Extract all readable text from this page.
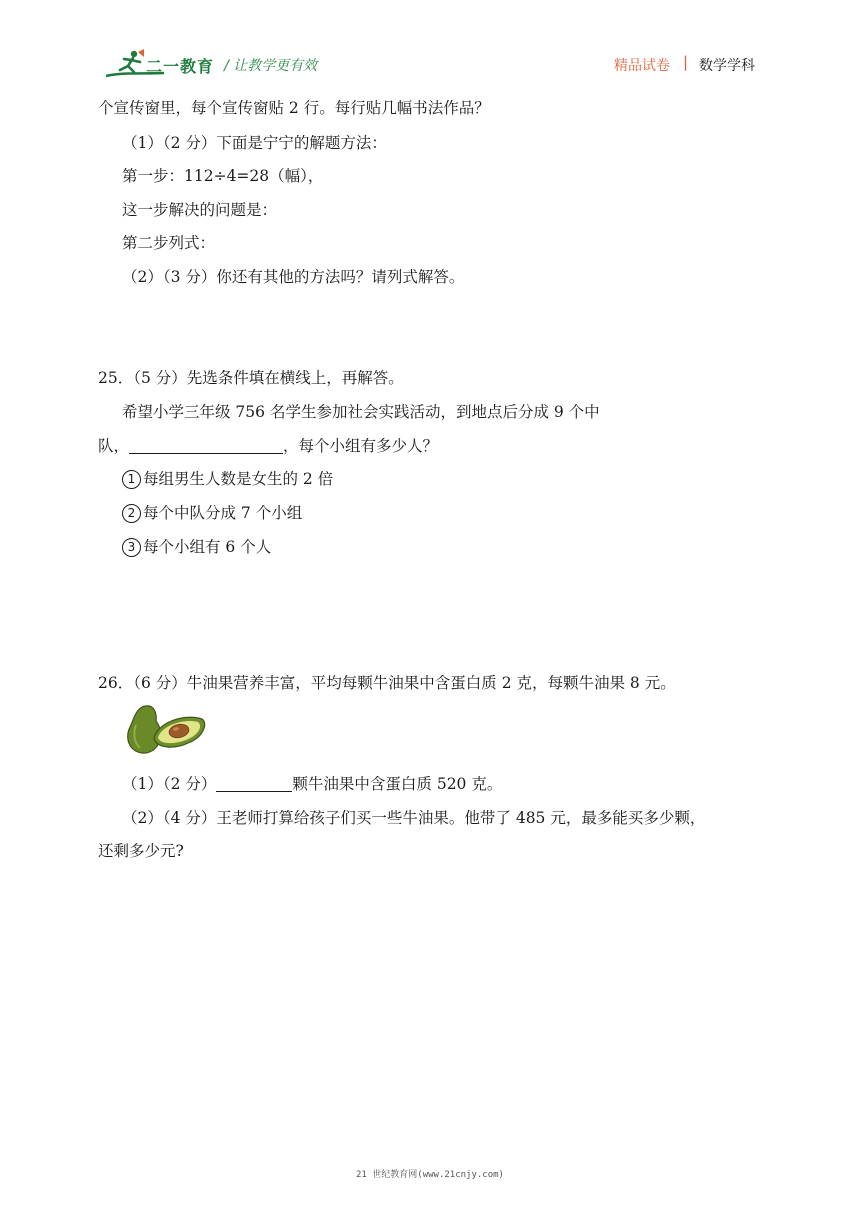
二一教育 / 让教学更有效	精品试卷 | 数学学科
个宣传窗里，每个宣传窗贴 2 行。每行贴几幅书法作品？
（1）（2 分）下面是宁宁的解题方法：
第一步：112÷4=28（幅），
这一步解决的问题是：
第二步列式：
（2）（3 分）你还有其他的方法吗？请列式解答。
25．（5 分）先选条件填在横线上，再解答。
希望小学三年级 756 名学生参加社会实践活动，到地点后分成 9 个中
队，	，每个小组有多少人？
1 每组男生人数是女生的 2 倍
2 每个中队分成 7 个小组
3 每个小组有 6 个人
26．（6 分）牛油果营养丰富，平均每颗牛油果中含蛋白质 2 克，每颗牛油果 8 元。
（1）（2 分）	颗牛油果中含蛋白质 520 克。
（2）（4 分）王老师打算给孩子们买一些牛油果。他带了 485 元，最多能买多少颗，
还剩多少元?
21 世纪教育网(www.21cnjy.com)
